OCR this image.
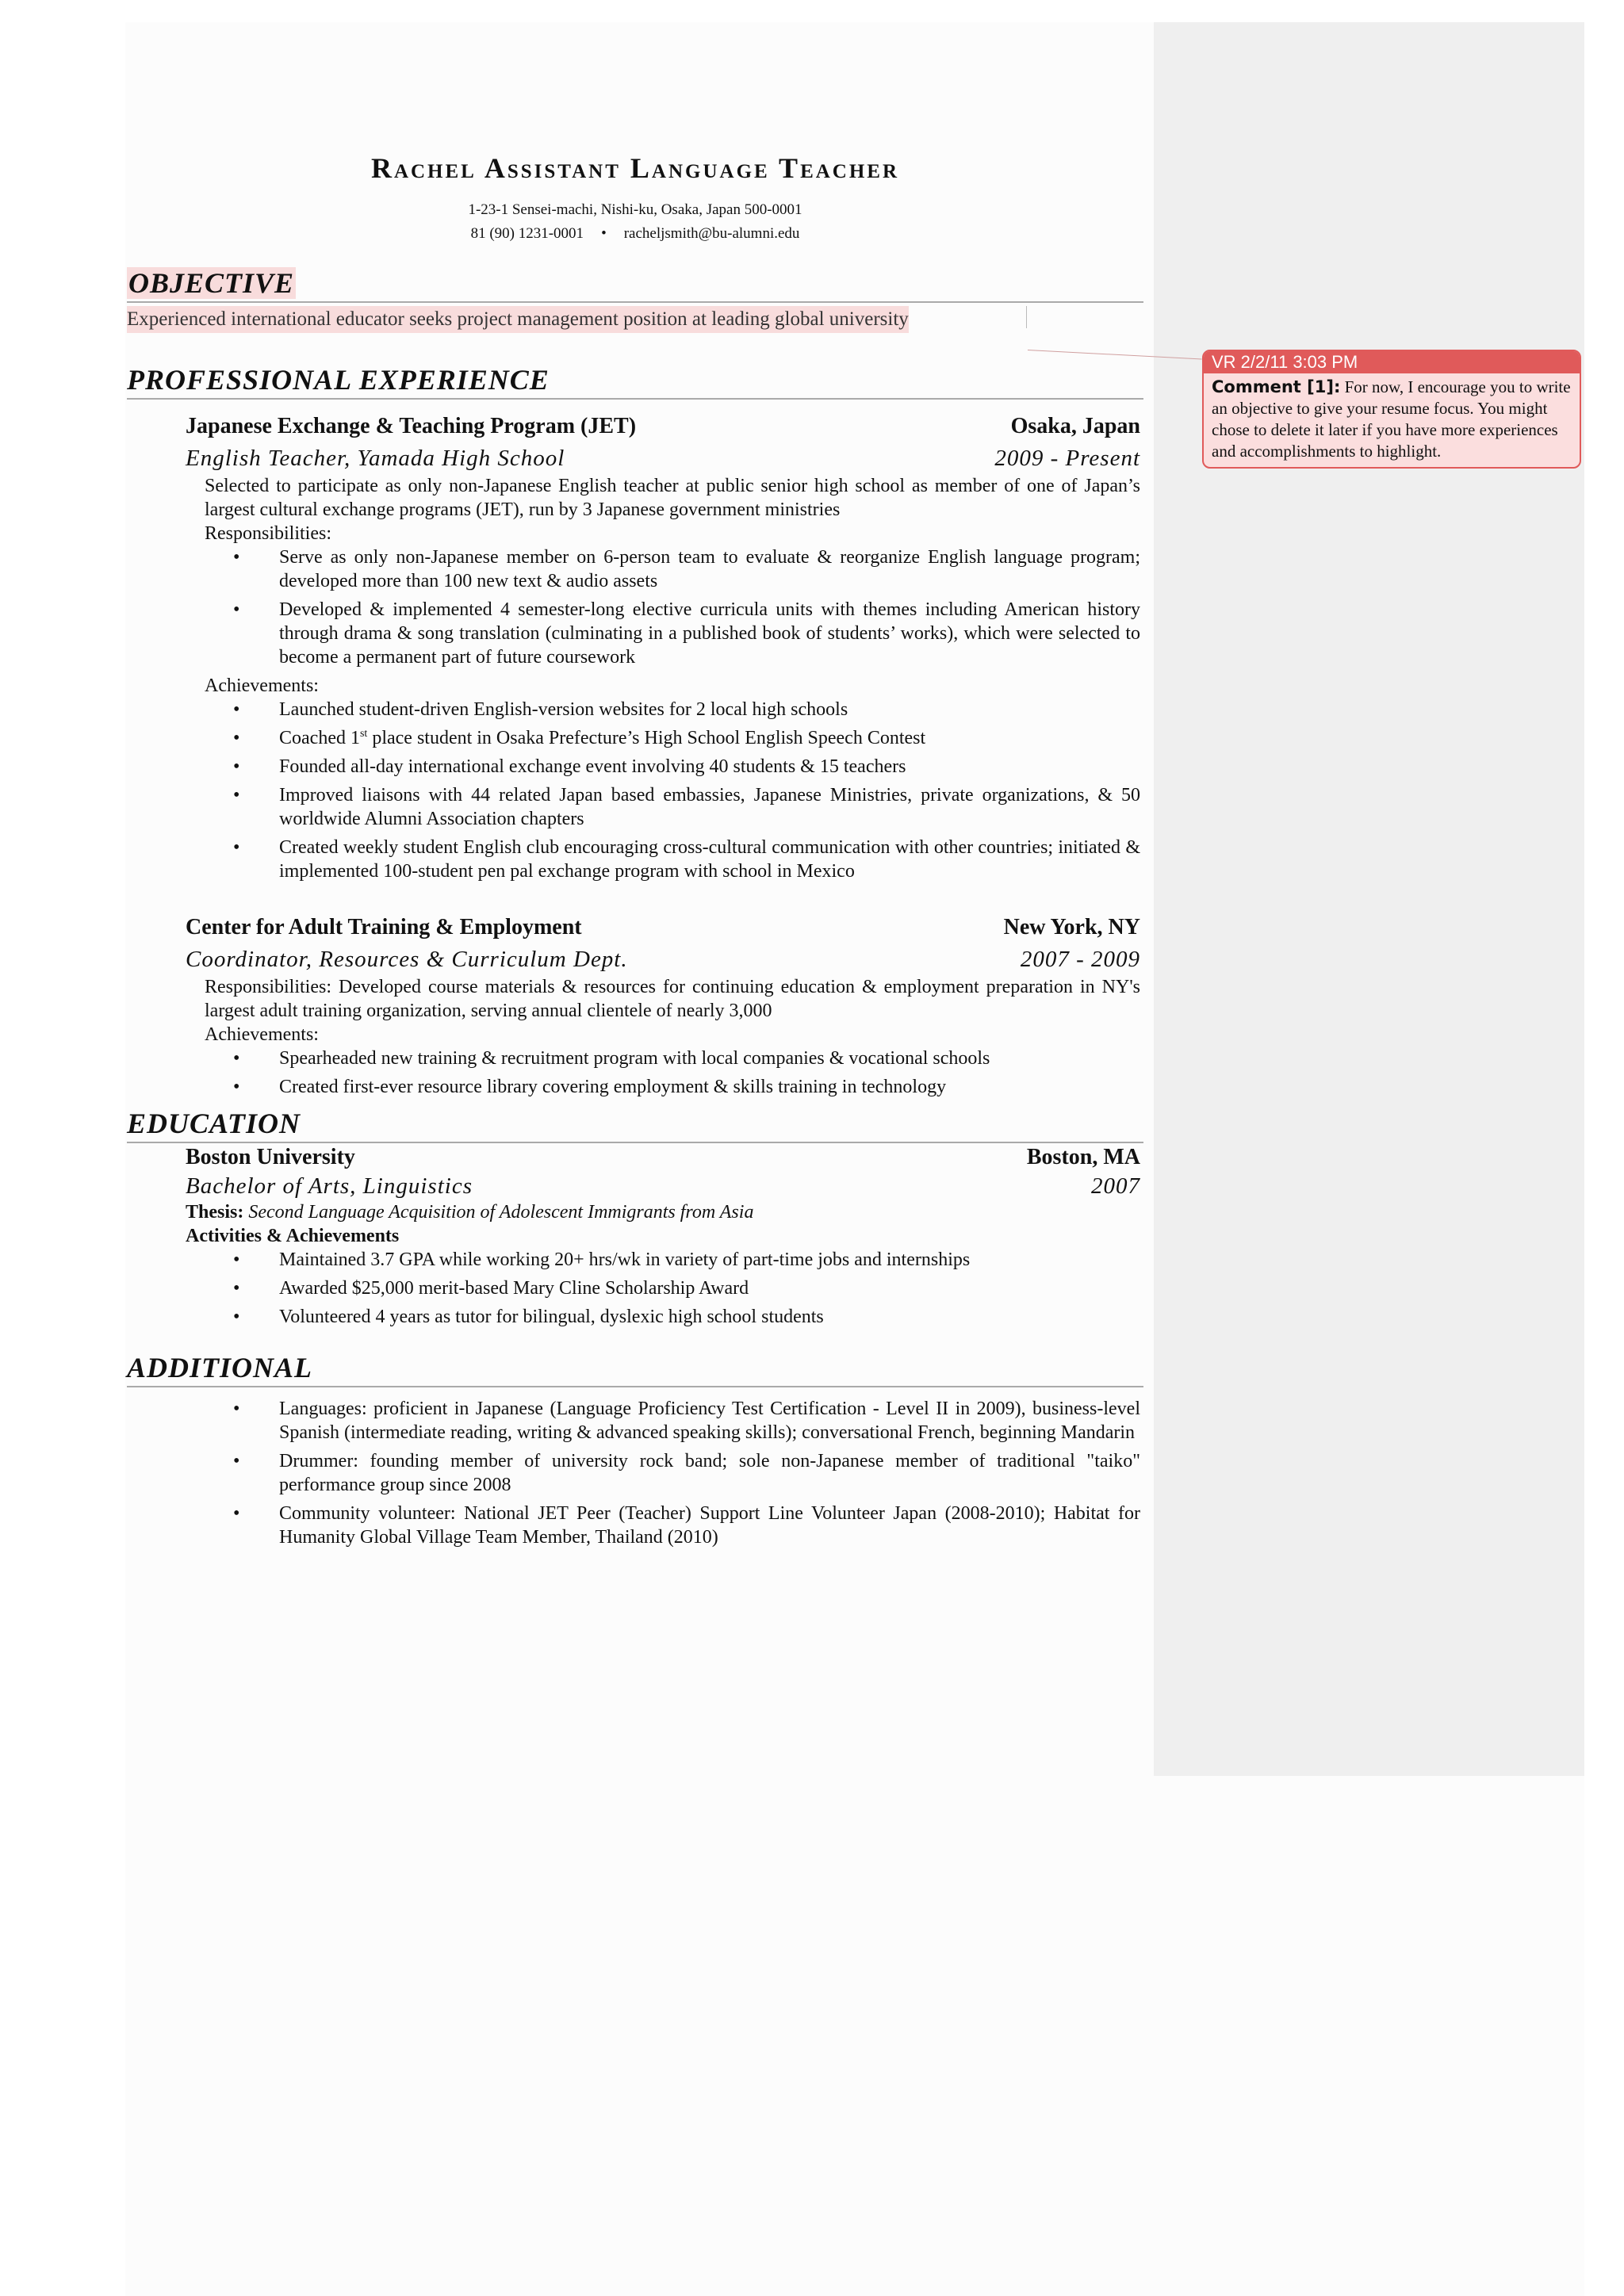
Rachel Assistant Language Teacher
1-23-1 Sensei-machi, Nishi-ku, Osaka, Japan 500-0001
81 (90) 1231-0001 • racheljsmith@bu-alumni.edu
OBJECTIVE
Experienced international educator seeks project management position at leading global university
PROFESSIONAL EXPERIENCE
Japanese Exchange & Teaching Program (JET)	Osaka, Japan
English Teacher, Yamada High School	2009 - Present
Selected to participate as only non-Japanese English teacher at public senior high school as member of one of Japan’s largest cultural exchange programs (JET), run by 3 Japanese government ministries
Responsibilities:
• Serve as only non-Japanese member on 6-person team to evaluate & reorganize English language program; developed more than 100 new text & audio assets
• Developed & implemented 4 semester-long elective curricula units with themes including American history through drama & song translation (culminating in a published book of students’ works), which were selected to become a permanent part of future coursework
Achievements:
• Launched student-driven English-version websites for 2 local high schools
• Coached 1st place student in Osaka Prefecture’s High School English Speech Contest
• Founded all-day international exchange event involving 40 students & 15 teachers
• Improved liaisons with 44 related Japan based embassies, Japanese Ministries, private organizations, & 50 worldwide Alumni Association chapters
• Created weekly student English club encouraging cross-cultural communication with other countries; initiated & implemented 100-student pen pal exchange program with school in Mexico
Center for Adult Training & Employment	New York, NY
Coordinator, Resources & Curriculum Dept.	2007 - 2009
Responsibilities: Developed course materials & resources for continuing education & employment preparation in NY's largest adult training organization, serving annual clientele of nearly 3,000
Achievements:
• Spearheaded new training & recruitment program with local companies & vocational schools
• Created first-ever resource library covering employment & skills training in technology
EDUCATION
Boston University	Boston, MA
Bachelor of Arts, Linguistics	2007
Thesis: Second Language Acquisition of Adolescent Immigrants from Asia
Activities & Achievements
• Maintained 3.7 GPA while working 20+ hrs/wk in variety of part-time jobs and internships
• Awarded $25,000 merit-based Mary Cline Scholarship Award
• Volunteered 4 years as tutor for bilingual, dyslexic high school students
ADDITIONAL
• Languages: proficient in Japanese (Language Proficiency Test Certification - Level II in 2009), business-level Spanish (intermediate reading, writing & advanced speaking skills); conversational French, beginning Mandarin
• Drummer: founding member of university rock band; sole non-Japanese member of traditional "taiko" performance group since 2008
• Community volunteer: National JET Peer (Teacher) Support Line Volunteer Japan (2008-2010); Habitat for Humanity Global Village Team Member, Thailand (2010)
VR 2/2/11 3:03 PM
Comment [1]: For now, I encourage you to write an objective to give your resume focus. You might chose to delete it later if you have more experiences and accomplishments to highlight.
